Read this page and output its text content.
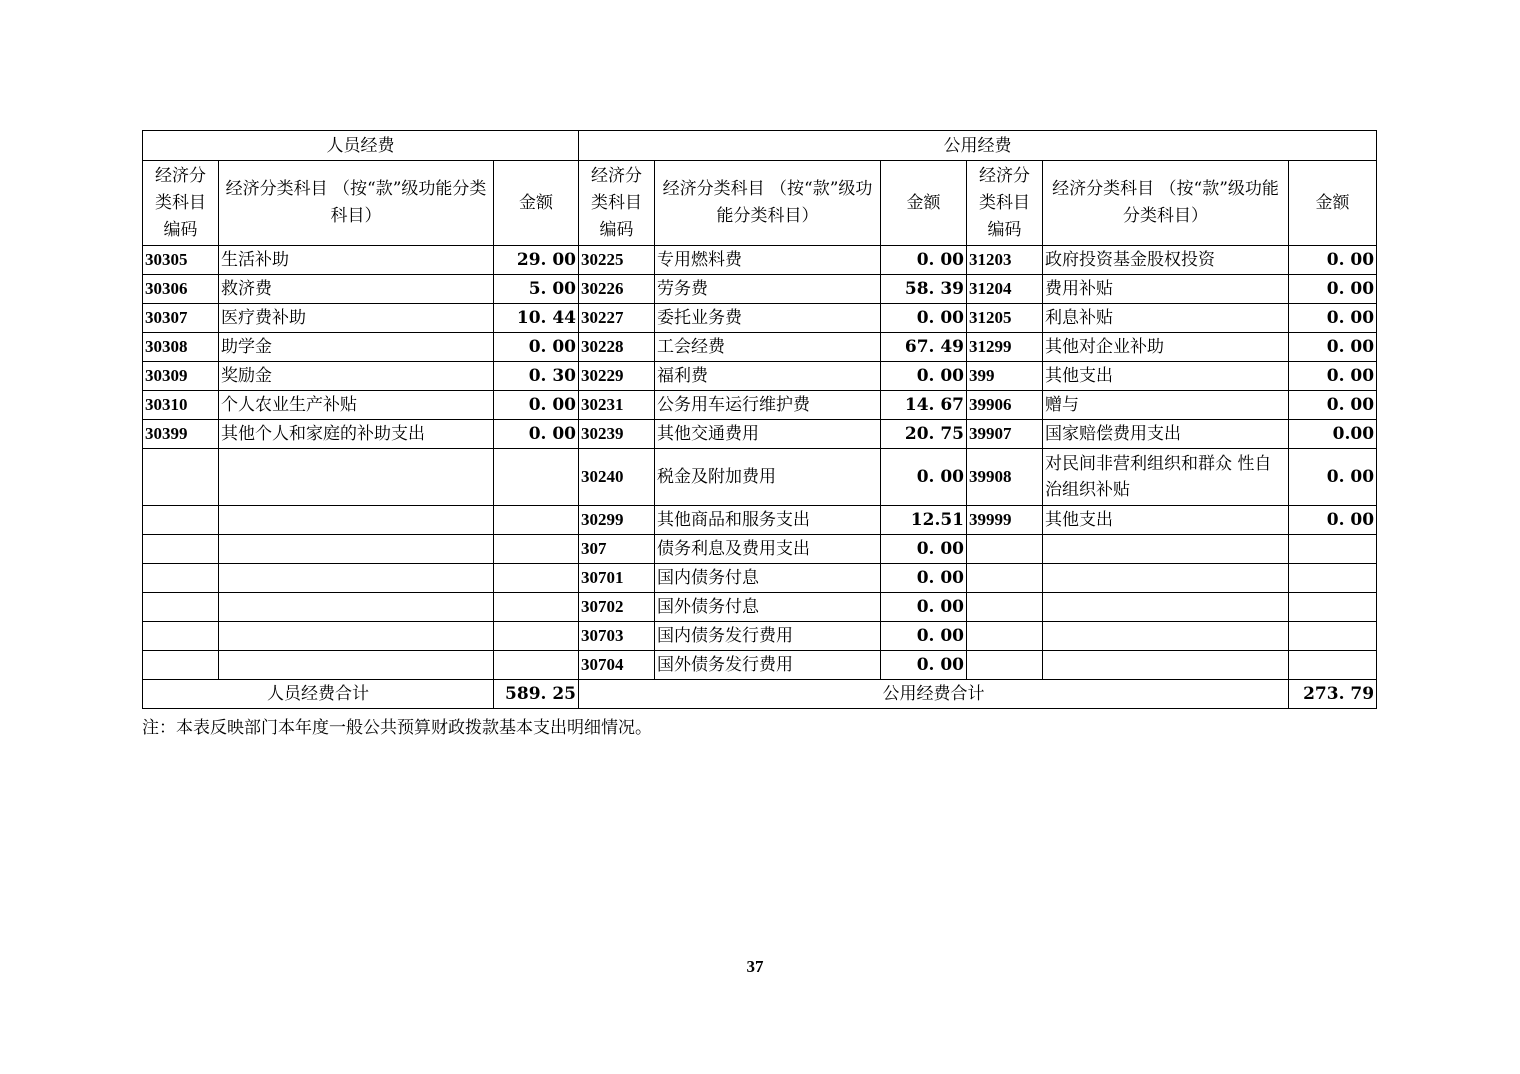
人员经费			公用经费					
经济分 类科目 编码	经济分类科目 （按“款”级功能分类科目）	金额	经济分 类科目 编码	经济分类科目 （按“款”级功能分类科目）	金额	经济分 类科目 编码	经济分类科目 （按“款”级功能分类科目）	金额
30305	生活补助	29. 00	30225	专用燃料费	0. 00	31203	政府投资基金股权投资	0. 00
30306	救济费	5. 00	30226	劳务费	58. 39	31204	费用补贴	0. 00
30307	医疗费补助	10. 44	30227	委托业务费	0. 00	31205	利息补贴	0. 00
30308	助学金	0. 00	30228	工会经费	67. 49	31299	其他对企业补助	0. 00
30309	奖励金	0. 30	30229	福利费	0. 00	399	其他支出	0. 00
30310	个人农业生产补贴	0. 00	30231	公务用车运行维护费	14. 67	39906	赠与	0. 00
30399	其他个人和家庭的补助支出	0. 00	30239	其他交通费用	20. 75	39907	国家赔偿费用支出	0.00
			30240	税金及附加费用	0. 00	39908	对民间非营利组织和群众 性自治组织补贴	0. 00
			30299	其他商品和服务支出	12.51	39999	其他支出	0. 00
			307	债务利息及费用支出	0. 00			
			30701	国内债务付息	0. 00			
			30702	国外债务付息	0. 00			
			30703	国内债务发行费用	0. 00			
			30704	国外债务发行费用	0. 00			
人员经费合计		589. 25	公用经费合计					273. 79
注：本表反映部门本年度一般公共预算财政拨款基本支出明细情况。
37
